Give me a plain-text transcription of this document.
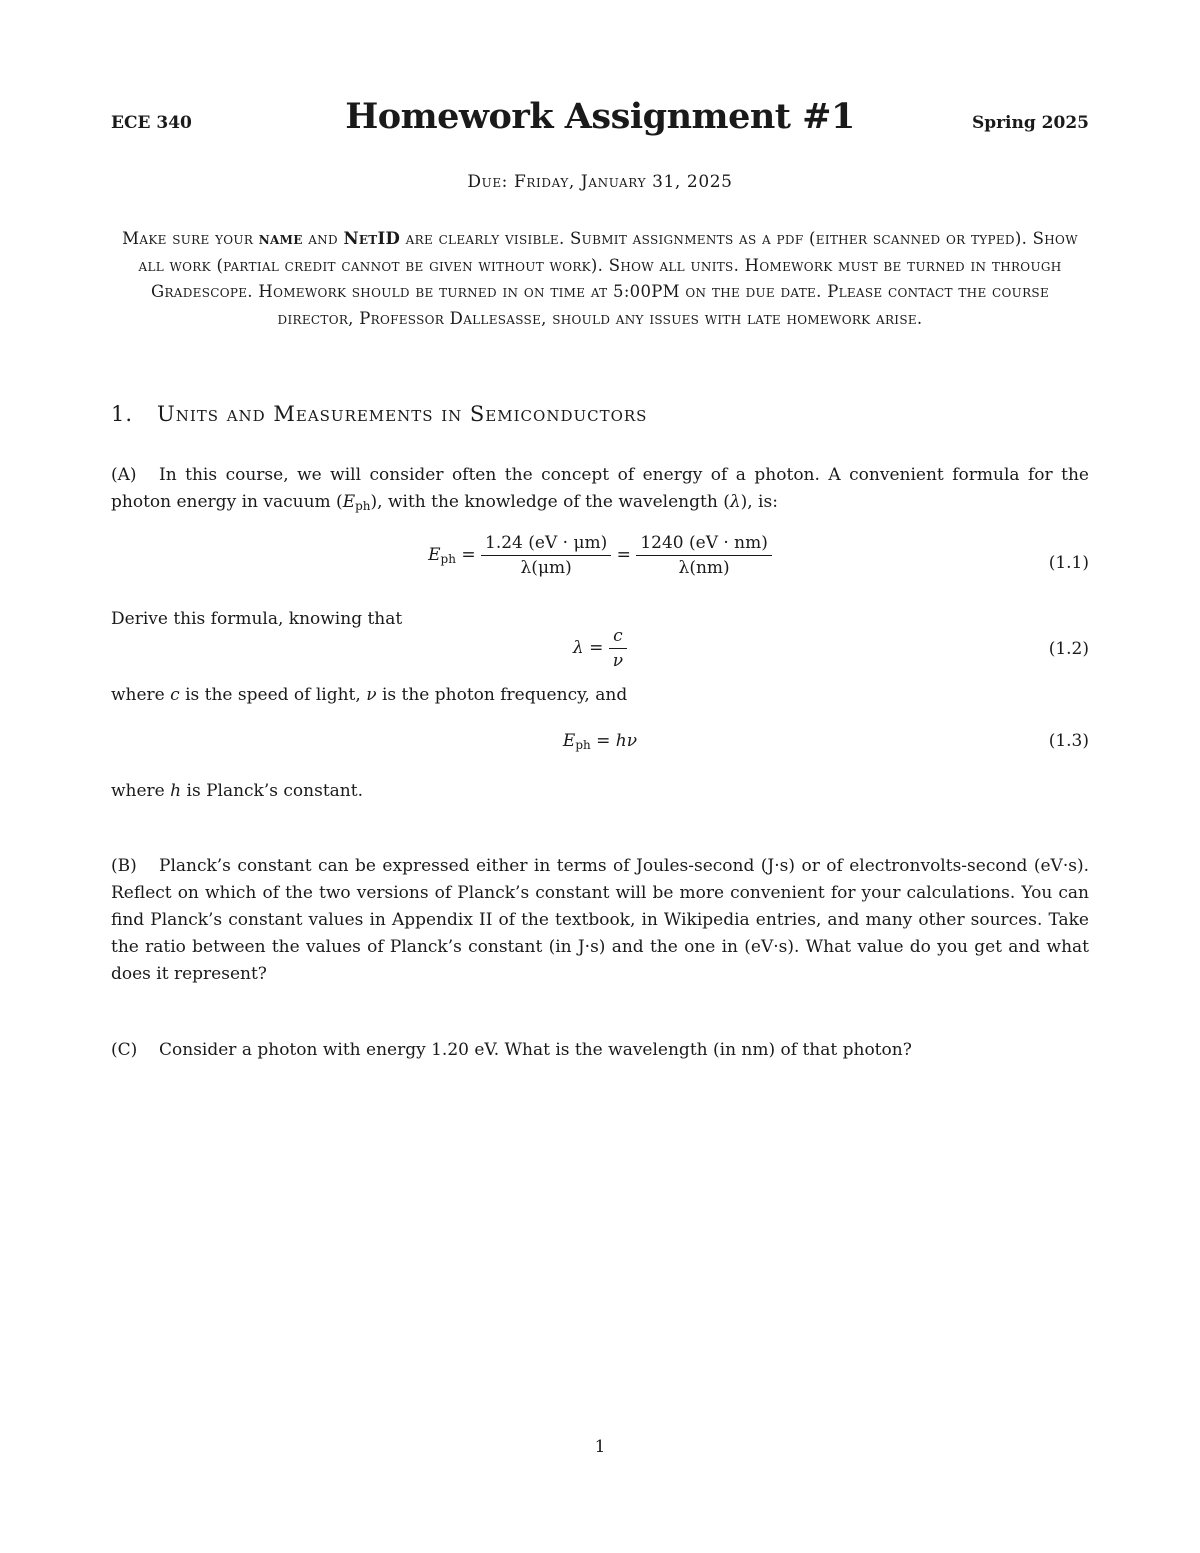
ECE 340	Homework Assignment #1	Spring 2025
Due: Friday, January 31, 2025
Make sure your name and NetID are clearly visible. Submit assignments as a pdf (either scanned or typed). Show all work (partial credit cannot be given without work). Show all units. Homework must be turned in through Gradescope. Homework should be turned in on time at 5:00PM on the due date. Please contact the course director, Professor Dallesasse, should any issues with late homework arise.
1. Units and Measurements in Semiconductors
(A) In this course, we will consider often the concept of energy of a photon. A convenient formula for the photon energy in vacuum $(E_{ph})$, with the knowledge of the wavelength (λ), is:
$E_{ph} = \frac{1.24 (eV \cdot \mu m)}{\lambda(\mu m)} = \frac{1240 (eV \cdot nm)}{\lambda(nm)}$	(1.1)
Derive this formula, knowing that
$\lambda = \frac{c}{\nu}$	(1.2)
where c is the speed of light, ν is the photon frequency, and
$E_{ph} = h\nu$	(1.3)
where h is Planck’s constant.
(B) Planck’s constant can be expressed either in terms of Joules-second (J·s) or of electronvolts-second (eV·s). Reflect on which of the two versions of Planck’s constant will be more convenient for your calculations. You can find Planck’s constant values in Appendix II of the textbook, in Wikipedia entries, and many other sources. Take the ratio between the values of Planck’s constant (in J·s) and the one in (eV·s). What value do you get and what does it represent?
(C) Consider a photon with energy 1.20 eV. What is the wavelength (in nm) of that photon?
1
